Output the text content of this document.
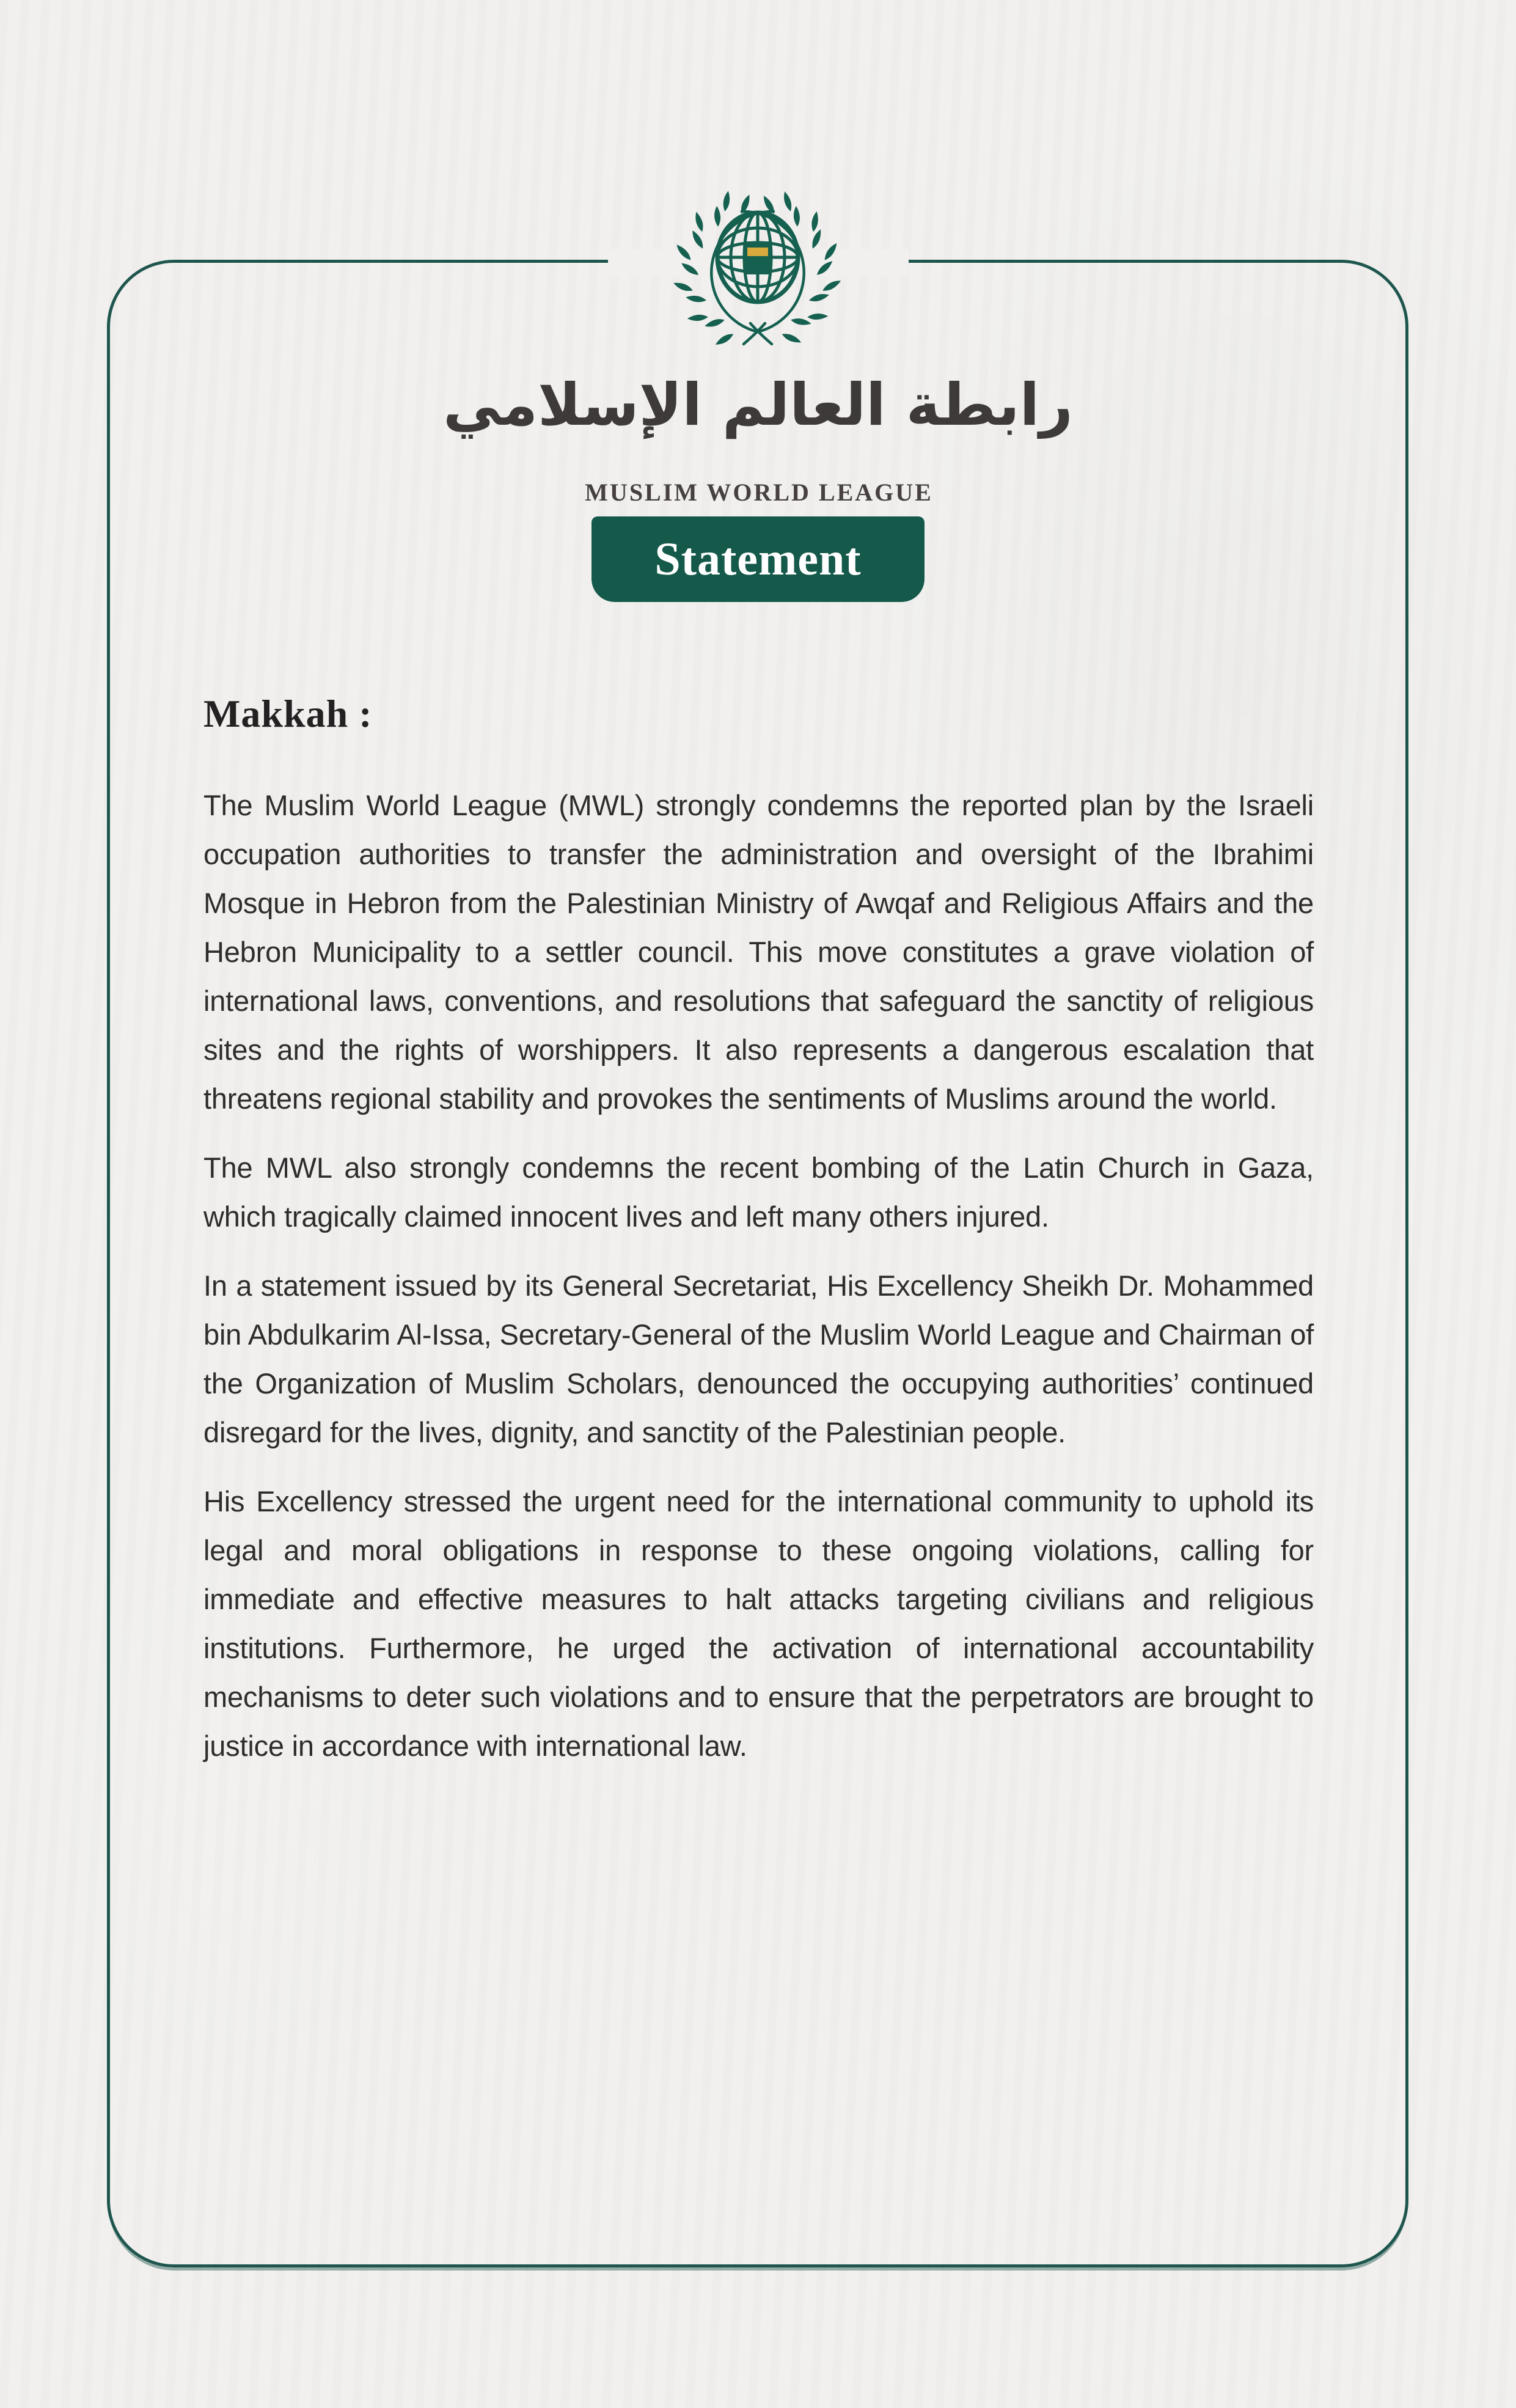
رابطة العالم الإسلامي
MUSLIM WORLD LEAGUE
Statement
Makkah :

The Muslim World League (MWL) strongly condemns the reported plan by the Israeli occupation authorities to transfer the administration and oversight of the Ibrahimi Mosque in Hebron from the Palestinian Ministry of Awqaf and Religious Affairs and the Hebron Municipality to a settler council. This move constitutes a grave violation of international laws, conventions, and resolutions that safeguard the sanctity of religious sites and the rights of worshippers. It also represents a dangerous escalation that threatens regional stability and provokes the sentiments of Muslims around the world.

The MWL also strongly condemns the recent bombing of the Latin Church in Gaza, which tragically claimed innocent lives and left many others injured.

In a statement issued by its General Secretariat, His Excellency Sheikh Dr. Mohammed bin Abdulkarim Al-Issa, Secretary-General of the Muslim World League and Chairman of the Organization of Muslim Scholars, denounced the occupying authorities’ continued disregard for the lives, dignity, and sanctity of the Palestinian people.

His Excellency stressed the urgent need for the international community to uphold its legal and moral obligations in response to these ongoing violations, calling for immediate and effective measures to halt attacks targeting civilians and religious institutions. Furthermore, he urged the activation of international accountability mechanisms to deter such violations and to ensure that the perpetrators are brought to justice in accordance with international law.
